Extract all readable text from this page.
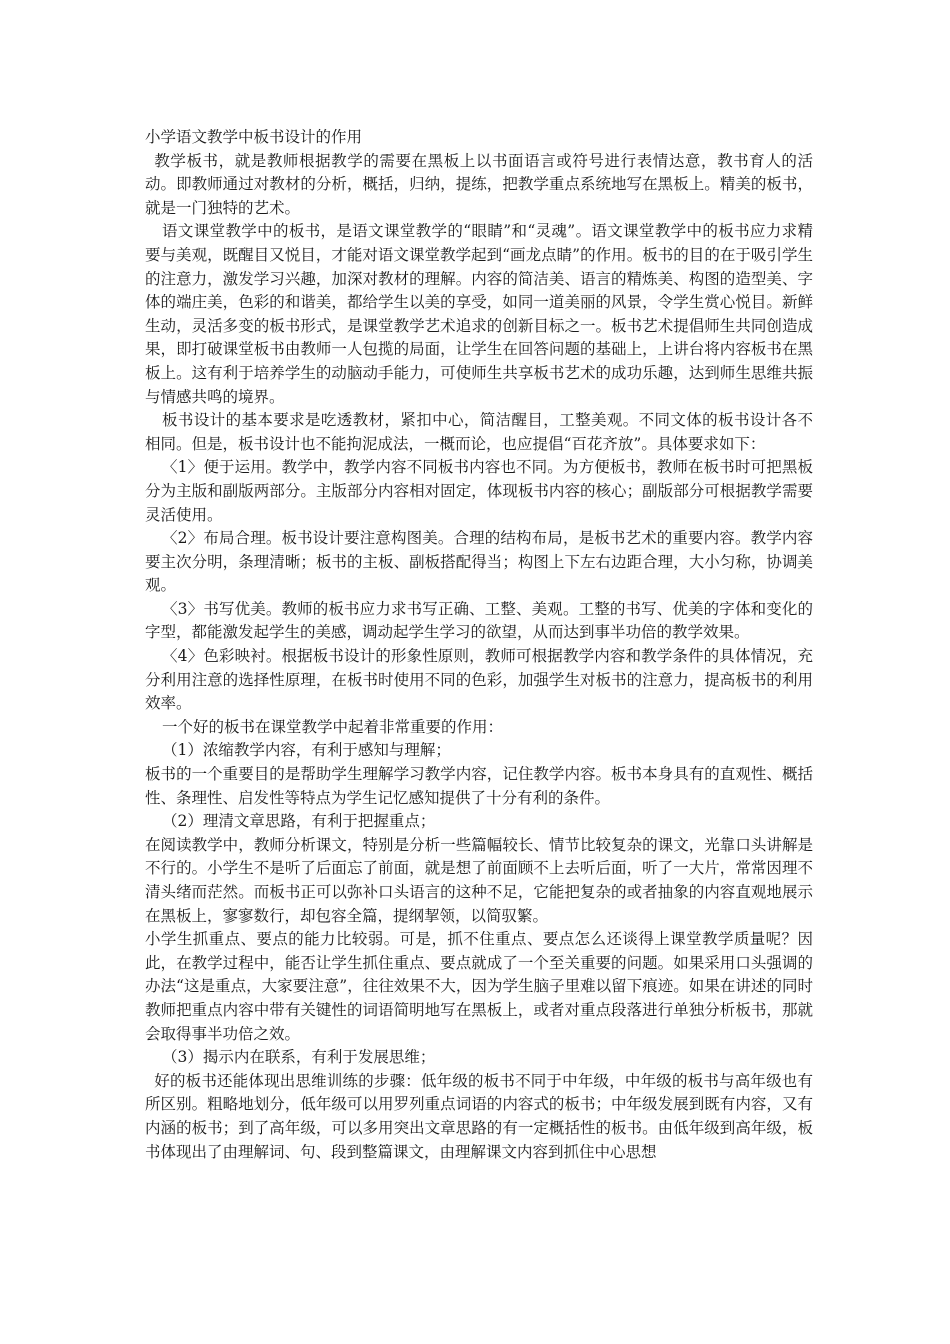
小学语文教学中板书设计的作用

教学板书，就是教师根据教学的需要在黑板上以书面语言或符号进行表情达意，教书育人的活动。即教师通过对教材的分析，概括，归纳，提练，把教学重点系统地写在黑板上。精美的板书，就是一门独特的艺术。

语文课堂教学中的板书，是语文课堂教学的“眼睛”和“灵魂”。语文课堂教学中的板书应力求精要与美观，既醒目又悦目，才能对语文课堂教学起到“画龙点睛”的作用。板书的目的在于吸引学生的注意力，激发学习兴趣，加深对教材的理解。内容的简洁美、语言的精炼美、构图的造型美、字体的端庄美，色彩的和谐美，都给学生以美的享受，如同一道美丽的风景，令学生赏心悦目。新鲜生动，灵活多变的板书形式，是课堂教学艺术追求的创新目标之一。板书艺术提倡师生共同创造成果，即打破课堂板书由教师一人包揽的局面，让学生在回答问题的基础上，上讲台将内容板书在黑板上。这有利于培养学生的动脑动手能力，可使师生共享板书艺术的成功乐趣，达到师生思维共振与情感共鸣的境界。

板书设计的基本要求是吃透教材，紧扣中心，简洁醒目，工整美观。不同文体的板书设计各不相同。但是，板书设计也不能拘泥成法，一概而论，也应提倡“百花齐放”。具体要求如下：

〈1〉便于运用。教学中，教学内容不同板书内容也不同。为方便板书，教师在板书时可把黑板分为主版和副版两部分。主版部分内容相对固定，体现板书内容的核心；副版部分可根据教学需要灵活使用。

〈2〉布局合理。板书设计要注意构图美。合理的结构布局，是板书艺术的重要内容。教学内容要主次分明，条理清晰；板书的主板、副板搭配得当；构图上下左右边距合理，大小匀称，协调美观。

〈3〉书写优美。教师的板书应力求书写正确、工整、美观。工整的书写、优美的字体和变化的字型，都能激发起学生的美感，调动起学生学习的欲望，从而达到事半功倍的教学效果。

〈4〉色彩映衬。根据板书设计的形象性原则，教师可根据教学内容和教学条件的具体情况，充分利用注意的选择性原理，在板书时使用不同的色彩，加强学生对板书的注意力，提高板书的利用效率。

一个好的板书在课堂教学中起着非常重要的作用：

（1）浓缩教学内容，有利于感知与理解；

板书的一个重要目的是帮助学生理解学习教学内容，记住教学内容。板书本身具有的直观性、概括性、条理性、启发性等特点为学生记忆感知提供了十分有利的条件。

（2）理清文章思路，有利于把握重点；

在阅读教学中，教师分析课文，特别是分析一些篇幅较长、情节比较复杂的课文，光靠口头讲解是不行的。小学生不是听了后面忘了前面，就是想了前面顾不上去听后面，听了一大片，常常因理不清头绪而茫然。而板书正可以弥补口头语言的这种不足，它能把复杂的或者抽象的内容直观地展示在黑板上，寥寥数行，却包容全篇，提纲挈领，以简驭繁。

小学生抓重点、要点的能力比较弱。可是，抓不住重点、要点怎么还谈得上课堂教学质量呢？因此，在教学过程中，能否让学生抓住重点、要点就成了一个至关重要的问题。如果采用口头强调的办法“这是重点，大家要注意”，往往效果不大，因为学生脑子里难以留下痕迹。如果在讲述的同时教师把重点内容中带有关键性的词语简明地写在黑板上，或者对重点段落进行单独分析板书，那就会取得事半功倍之效。

（3）揭示内在联系，有利于发展思维；

好的板书还能体现出思维训练的步骤：低年级的板书不同于中年级，中年级的板书与高年级也有所区别。粗略地划分，低年级可以用罗列重点词语的内容式的板书；中年级发展到既有内容，又有内涵的板书；到了高年级，可以多用突出文章思路的有一定概括性的板书。由低年级到高年级，板书体现出了由理解词、句、段到整篇课文，由理解课文内容到抓住中心思想
